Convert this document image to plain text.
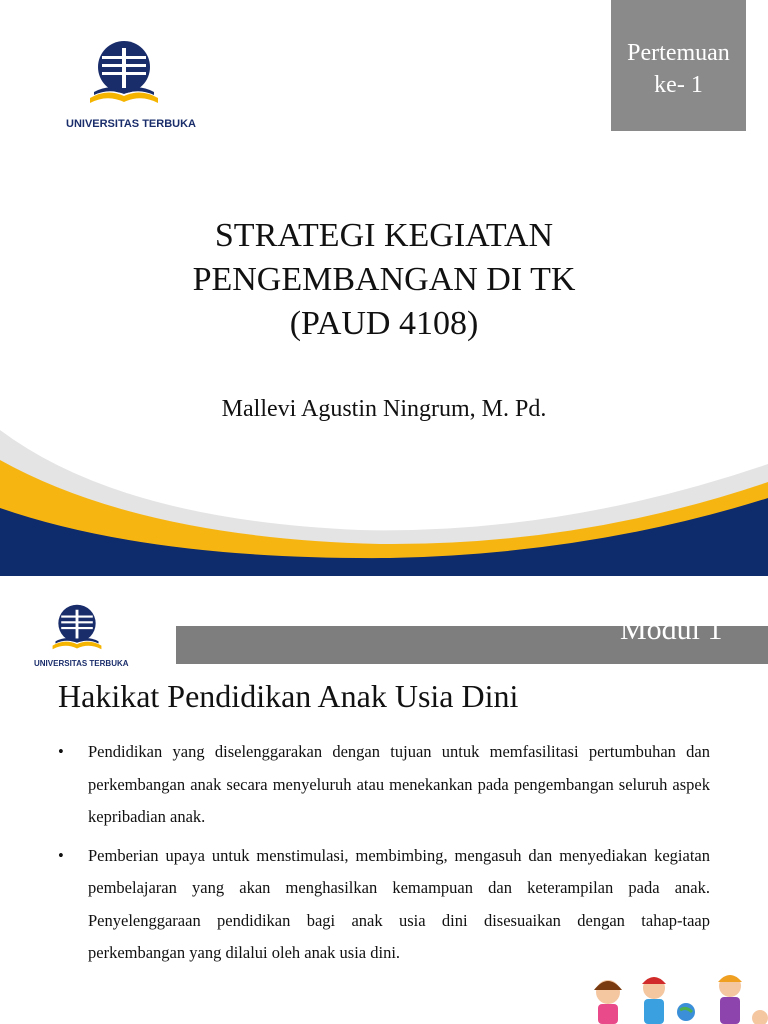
UNIVERSITAS TERBUKA
Pertemuan
ke- 1
STRATEGI KEGIATAN
PENGEMBANGAN DI TK
(PAUD 4108)
Mallevi Agustin Ningrum, M. Pd.
UNIVERSITAS TERBUKA
Modul 1
Hakikat Pendidikan Anak Usia Dini
• Pendidikan yang diselenggarakan dengan tujuan untuk memfasilitasi pertumbuhan dan perkembangan anak secara menyeluruh atau menekankan pada pengembangan seluruh aspek kepribadian anak.
• Pemberian upaya untuk menstimulasi, membimbing, mengasuh dan menyediakan kegiatan pembelajaran yang akan menghasilkan kemampuan dan keterampilan pada anak. Penyelenggaraan pendidikan bagi anak usia dini disesuaikan dengan tahap-taap perkembangan yang dilalui oleh anak usia dini.
